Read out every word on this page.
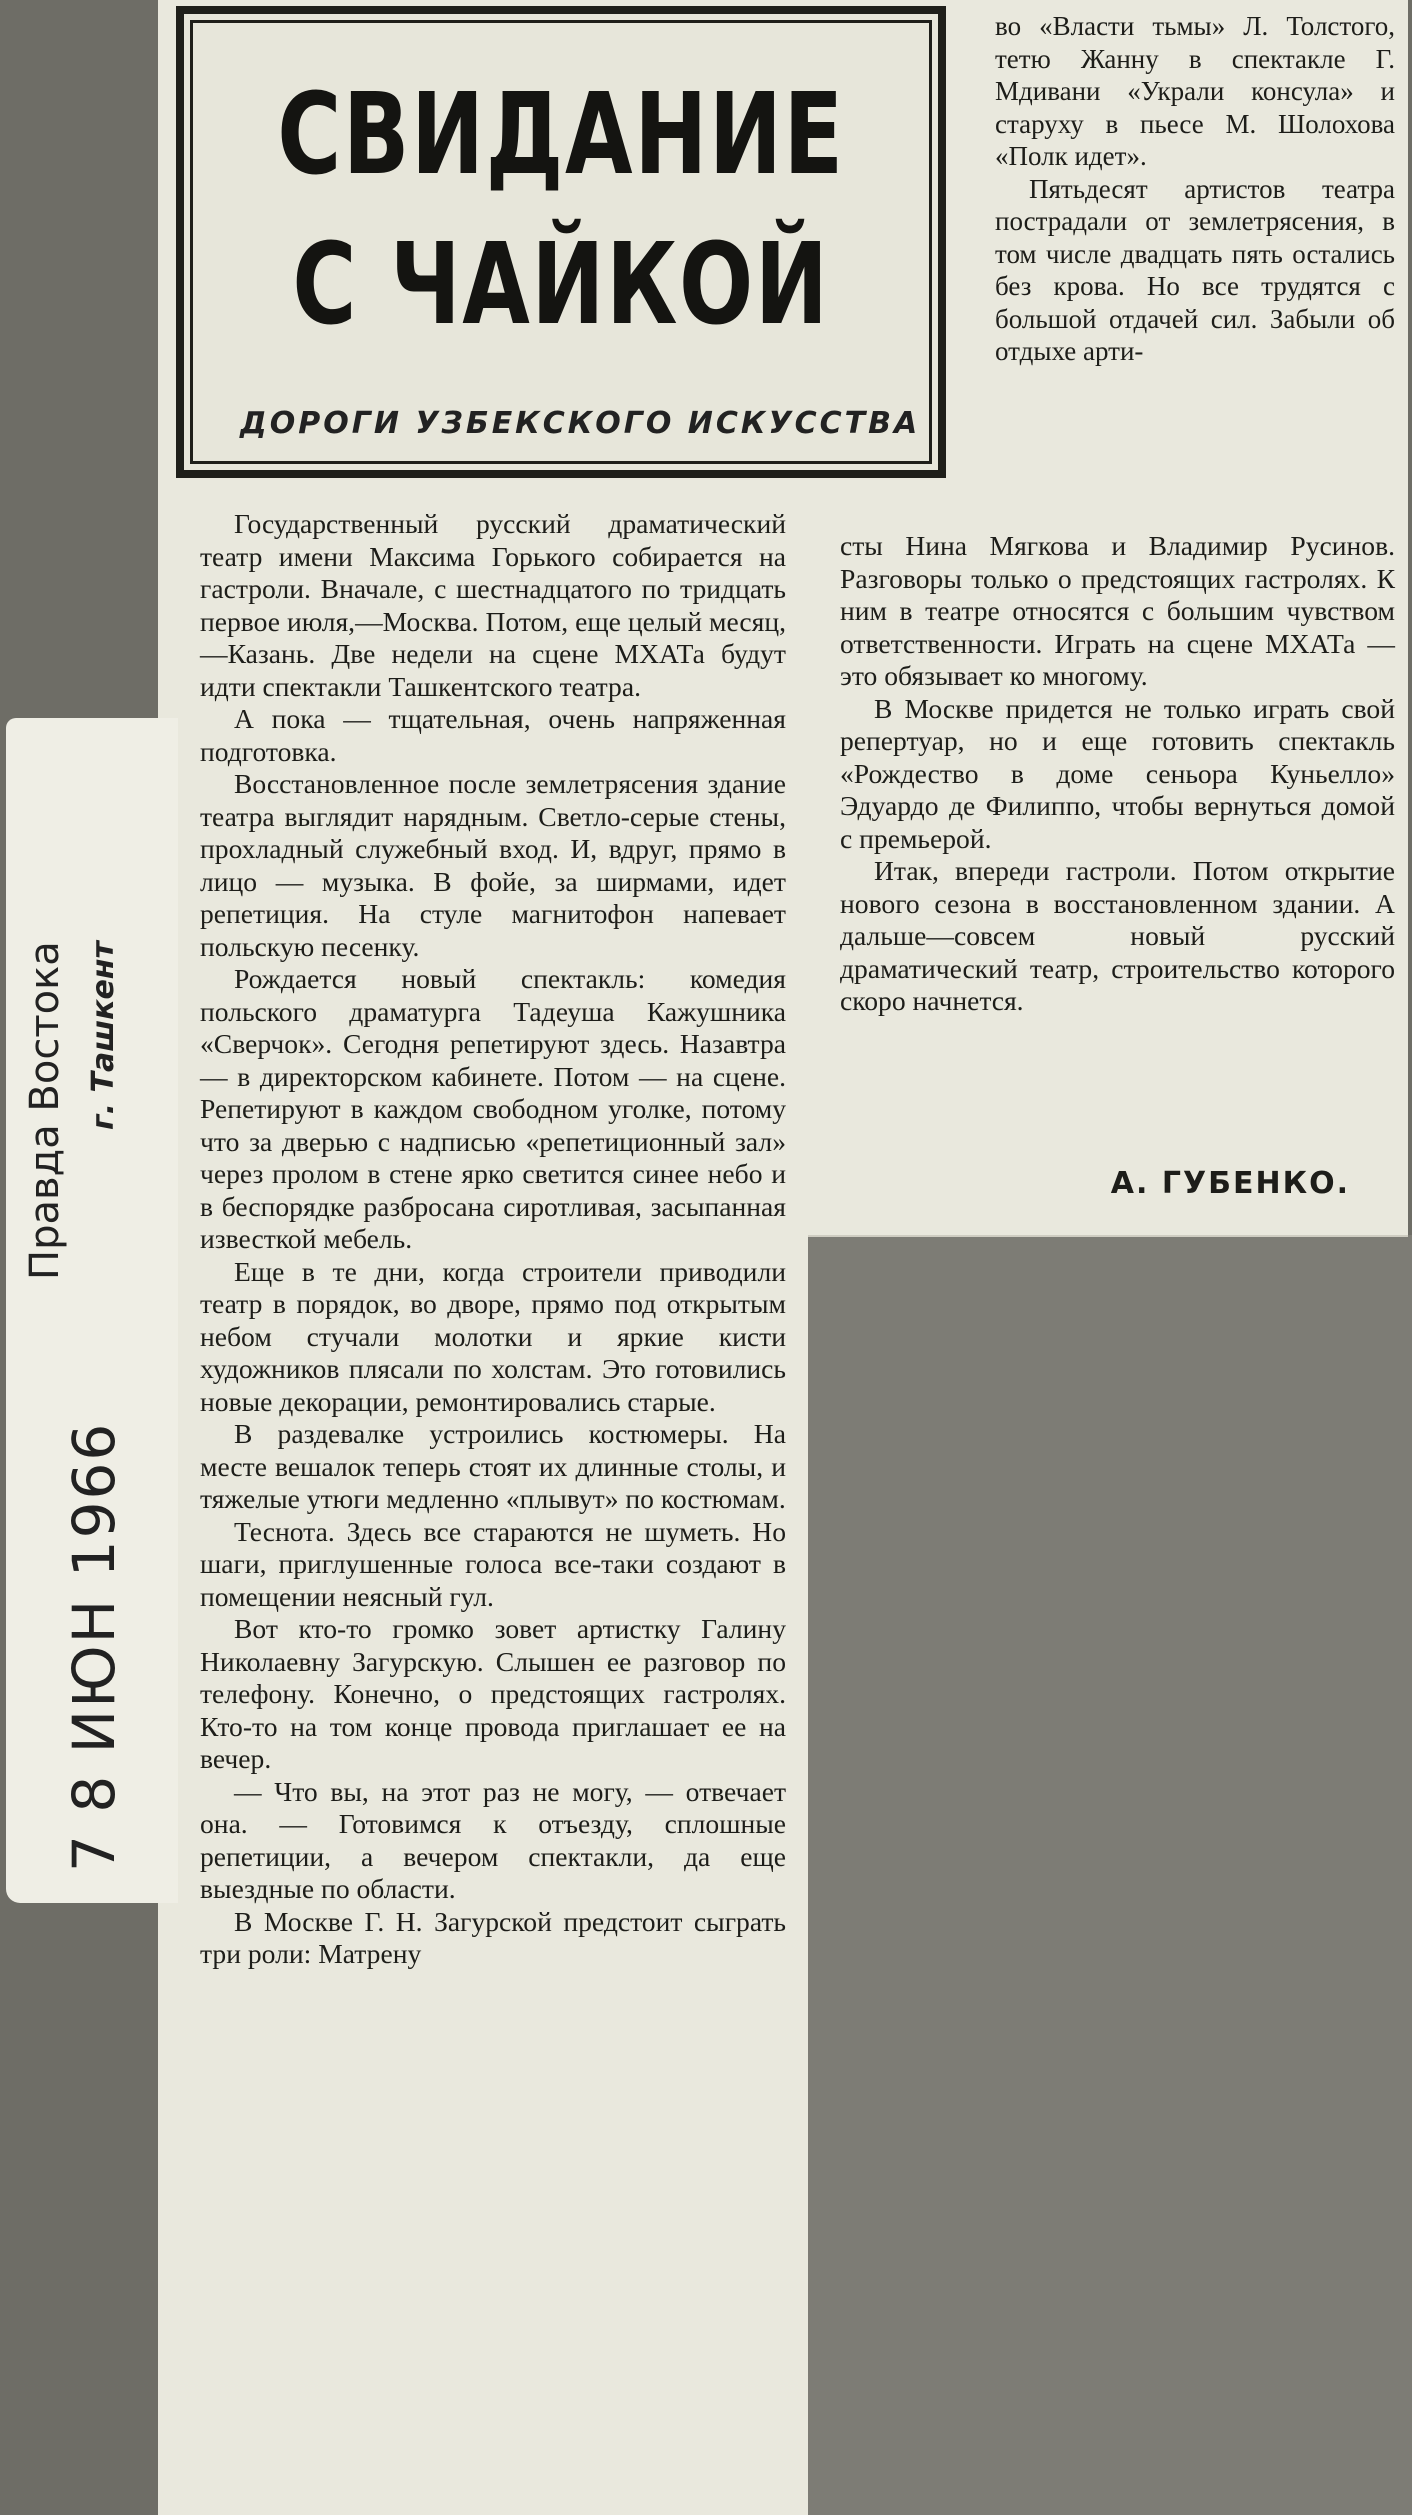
7 8 ИЮН 1966
Правда Востока г. Ташкент
СВИДАНИЕ
С ЧАЙКОЙ
ДОРОГИ УЗБЕКСКОГО ИСКУССТВА

Государственный русский драматический театр имени Максима Горького собирается на гастроли. Вначале, с шестнадцатого по тридцать первое июля,—Москва. Потом, еще целый месяц,—Казань. Две недели на сцене МХАТа будут идти спектакли Ташкентского театра.

А пока — тщательная, очень напряженная подготовка.

Восстановленное после землетрясения здание театра выглядит нарядным. Светло-серые стены, прохладный служебный вход. И, вдруг, прямо в лицо — музыка. В фойе, за ширмами, идет репетиция. На стуле магнитофон напевает польскую песенку.

Рождается новый спектакль: комедия польского драматурга Тадеуша Кажушника «Сверчок». Сегодня репетируют здесь. Назавтра — в директорском кабинете. Потом — на сцене. Репетируют в каждом свободном уголке, потому что за дверью с надписью «репетиционный зал» через пролом в стене ярко светится синее небо и в беспорядке разбросана сиротливая, засыпанная известкой мебель.

Еще в те дни, когда строители приводили театр в порядок, во дворе, прямо под открытым небом стучали молотки и яркие кисти художников плясали по холстам. Это готовились новые декорации, ремонтировались старые.

В раздевалке устроились костюмеры. На месте вешалок теперь стоят их длинные столы, и тяжелые утюги медленно «плывут» по костюмам.

Теснота. Здесь все стараются не шуметь. Но шаги, приглушенные голоса все-таки создают в помещении неясный гул.

Вот кто-то громко зовет артистку Галину Николаевну Загурскую. Слышен ее разговор по телефону. Конечно, о предстоящих гастролях. Кто-то на том конце провода приглашает ее на вечер.

— Что вы, на этот раз не могу, — отвечает она. — Готовимся к отъезду, сплошные репетиции, а вечером спектакли, да еще выездные по области.

В Москве Г. Н. Загурской предстоит сыграть три роли: Матрену

во «Власти тьмы» Л. Толстого, тетю Жанну в спектакле Г. Мдивани «Украли консула» и старуху в пьесе М. Шолохова «Полк идет».

Пятьдесят артистов театра пострадали от землетрясения, в том числе двадцать пять остались без крова. Но все трудятся с большой отдачей сил. Забыли об отдыхе арти-

сты Нина Мягкова и Владимир Русинов. Разговоры только о предстоящих гастролях. К ним в театре относятся с большим чувством ответственности. Играть на сцене МХАТа — это обязывает ко многому.

В Москве придется не только играть свой репертуар, но и еще готовить спектакль «Рождество в доме сеньора Куньелло» Эдуардо де Филиппо, чтобы вернуться домой с премьерой.

Итак, впереди гастроли. Потом открытие нового сезона в восстановленном здании. А дальше—совсем новый русский драматический театр, строительство которого скоро начнется.

А. ГУБЕНКО.
